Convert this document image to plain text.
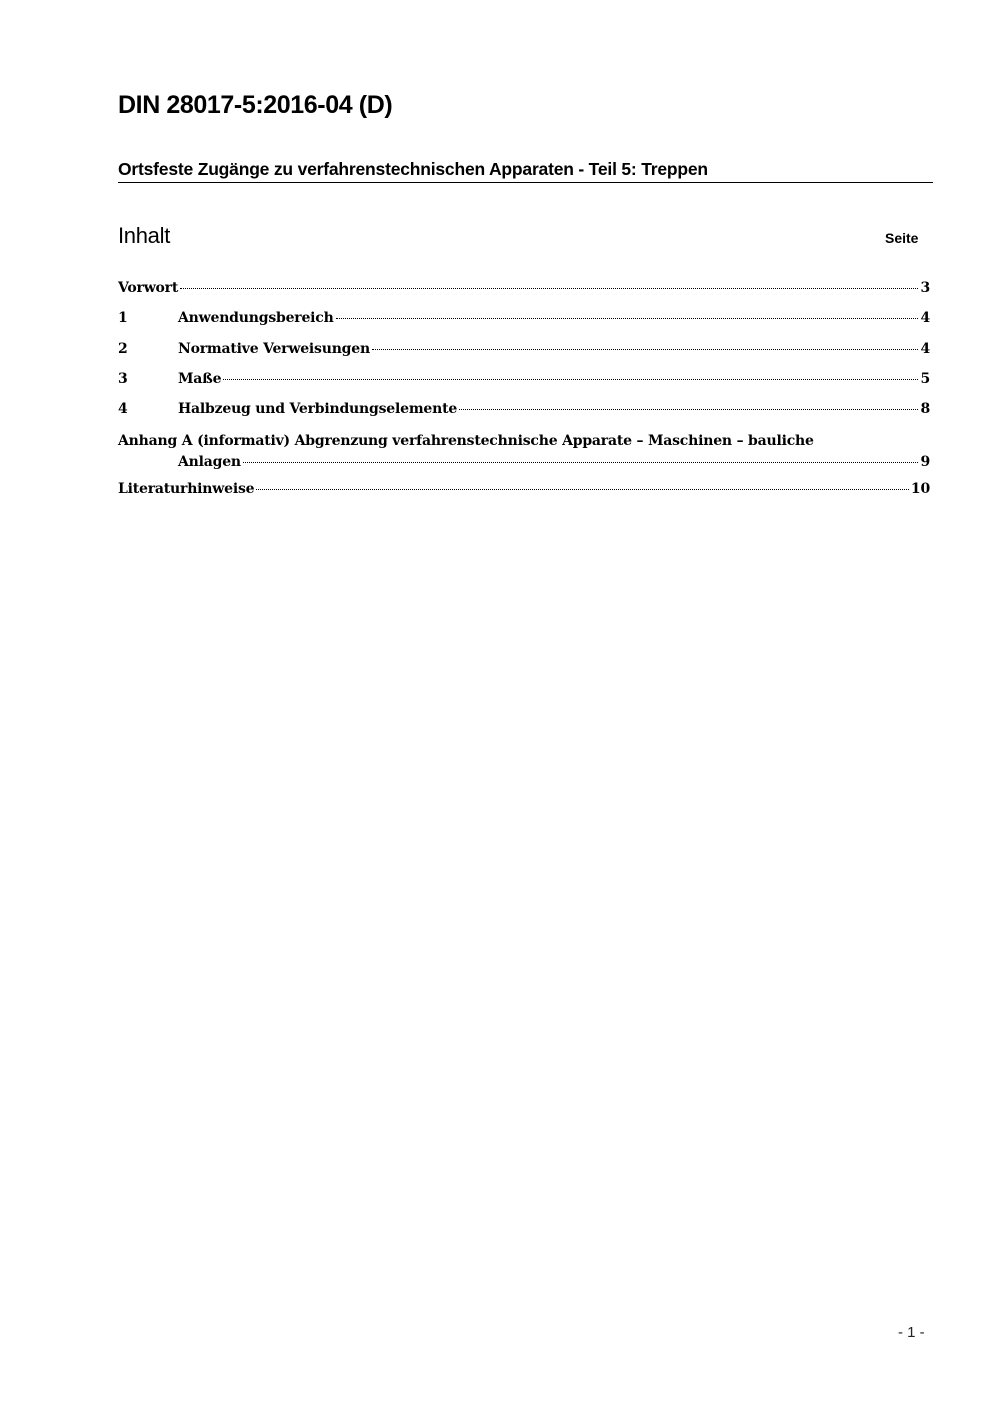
DIN 28017-5:2016-04 (D)
Ortsfeste Zugänge zu verfahrenstechnischen Apparaten - Teil 5: Treppen
Inhalt	Seite
Vorwort	3
1	Anwendungsbereich	4
2	Normative Verweisungen	4
3	Maße	5
4	Halbzeug und Verbindungselemente	8
Anhang A (informativ) Abgrenzung verfahrenstechnische Apparate – Maschinen – bauliche
Anlagen	9
Literaturhinweise	10
- 1 -
